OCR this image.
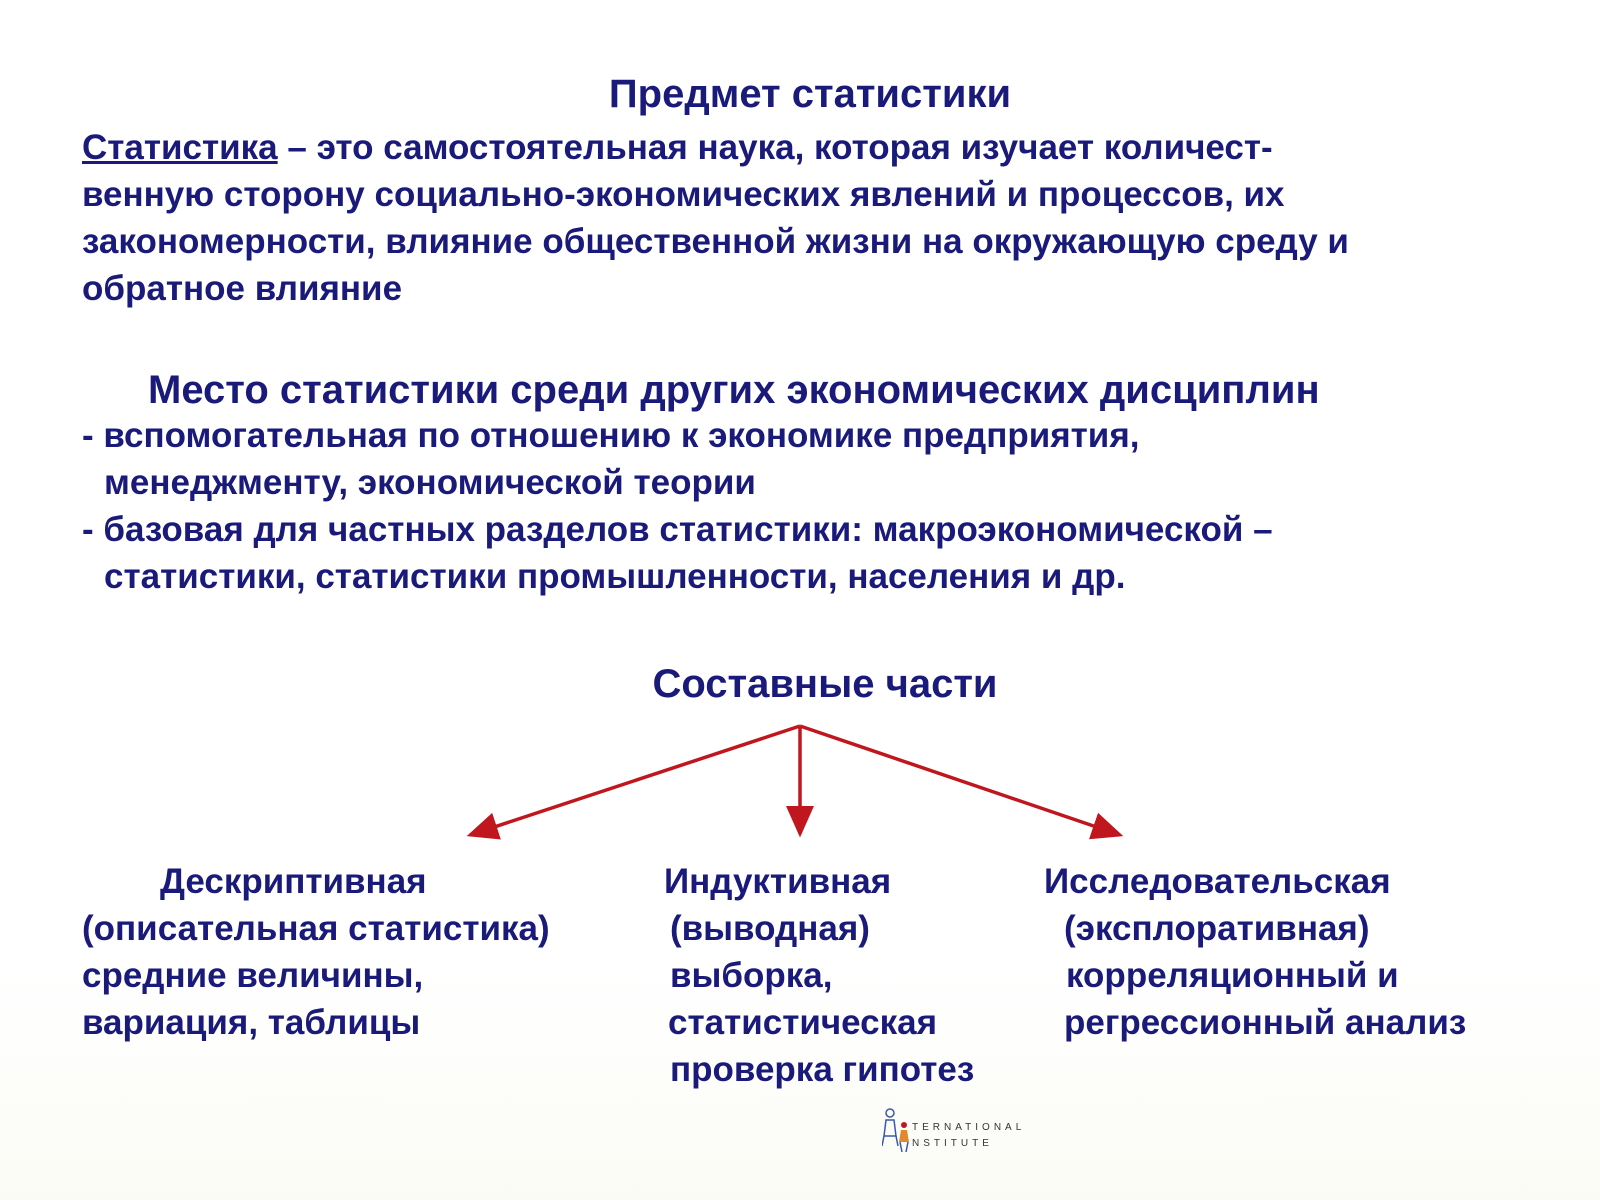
Предмет статистики
Статистика – это самостоятельная наука, которая изучает количест-
венную сторону социально-экономических явлений и процессов, их
закономерности, влияние общественной жизни на окружающую среду и
обратное влияние
Место статистики среди других экономических дисциплин
- вспомогательная по отношению к экономике предприятия,
менеджменту, экономической теории
- базовая для частных разделов статистики: макроэкономической –
статистики, статистики промышленности, населения и др.
Составные части
Дескриптивная
(описательная статистика)
средние величины,
вариация, таблицы
Индуктивная
(выводная)
выборка,
статистическая
проверка гипотез
Исследовательская
(эксплоративная)
корреляционный и
регрессионный анализ
TERNATIONAL
NSTITUTE
